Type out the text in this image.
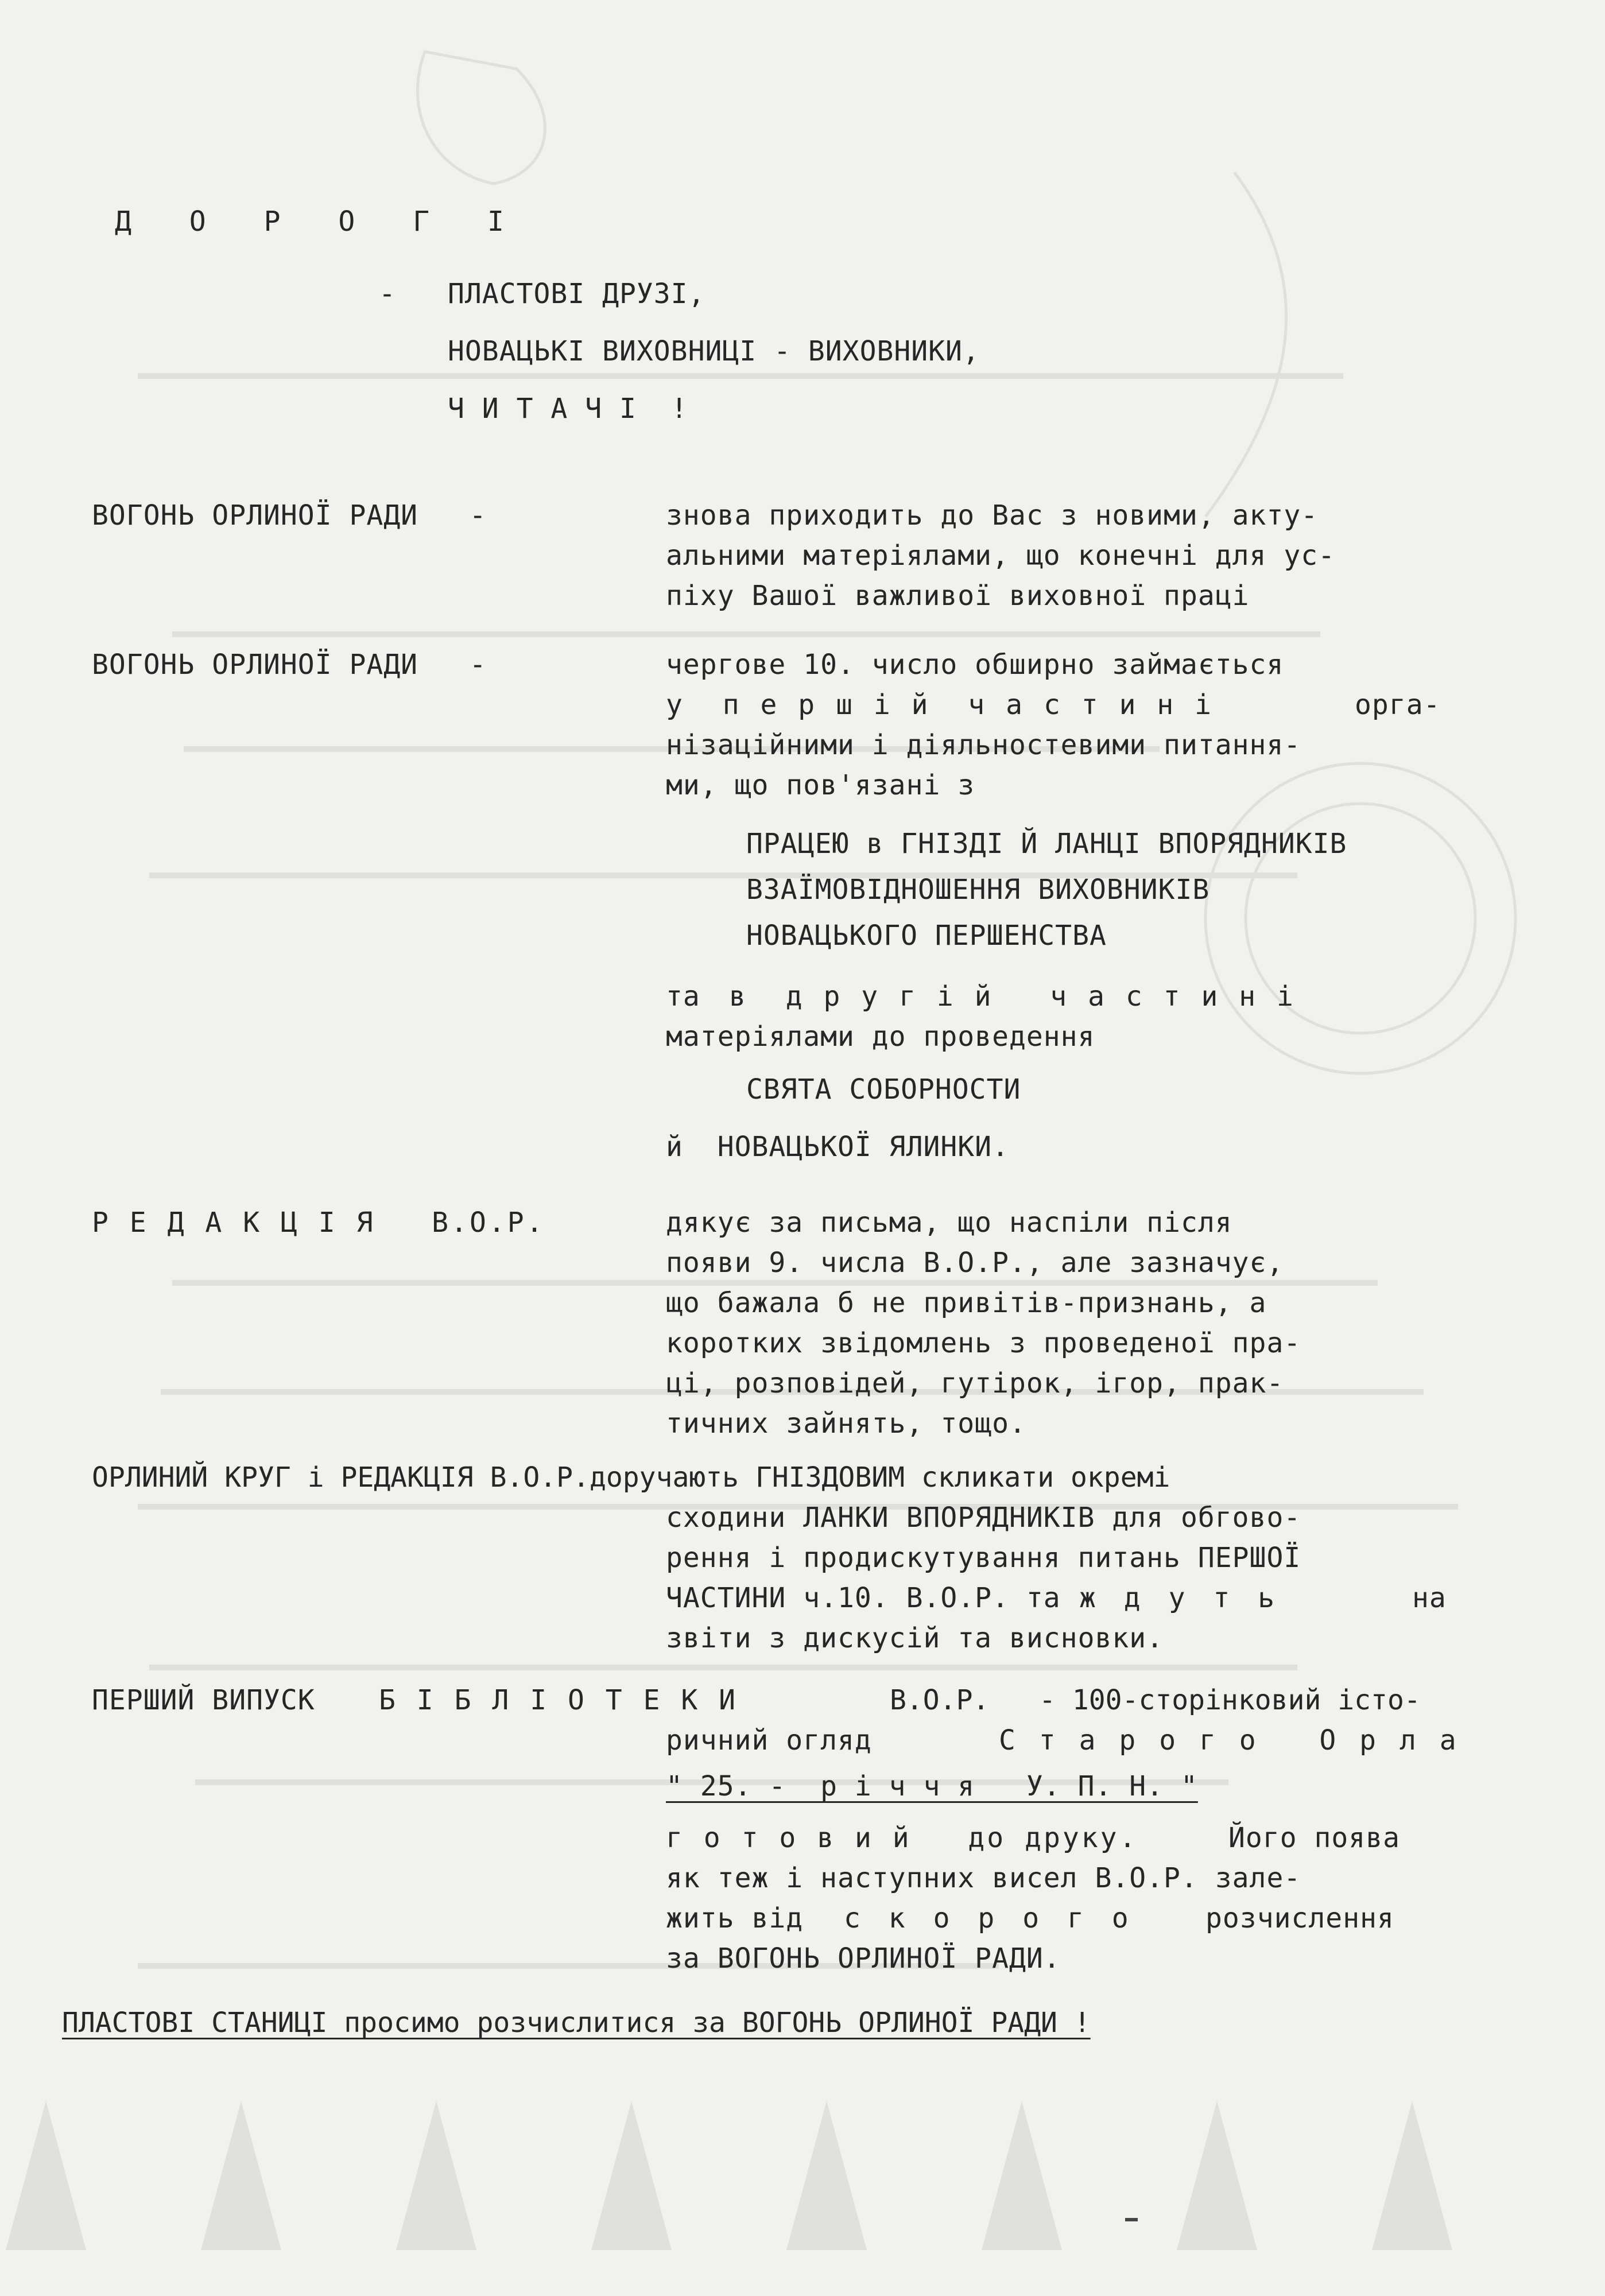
Д О Р О Г І
- ПЛАСТОВІ ДРУЗІ,
НОВАЦЬКІ ВИХОВНИЦІ - ВИХОВНИКИ,
Ч И Т А Ч І  !
ВОГОНЬ ОРЛИНОЇ РАДИ   -	знова приходить до Вас з новими, акту-
альними матеріялами, що конечні для ус-
піху Вашої важливої виховної праці
ВОГОНЬ ОРЛИНОЇ РАДИ   -	чергове 10. число обширно займається
у  п е р ш і й  ч а с т и н і	орга-
нізаційними і діяльностевими питання-
ми, що пов'язані з
ПРАЦЕЮ в ГНІЗДІ Й ЛАНЦІ ВПОРЯДНИКІВ
ВЗАЇМОВІДНОШЕННЯ ВИХОВНИКІВ
НОВАЦЬКОГО ПЕРШЕНСТВА
та в  д р у г і й   ч а с т и н і
матеріялами до проведення
СВЯТА СОБОРНОСТИ
й  НОВАЦЬКОЇ ЯЛИНКИ.
Р Е Д А К Ц І Я   В.О.Р.	дякує за письма, що наспіли після
появи 9. числа В.О.Р., але зазначує,
що бажала б не привітів-признань, а
коротких звідомлень з проведеної пра-
ці, розповідей, гутірок, ігор, прак-
тичних зайнять, тощо.
ОРЛИНИЙ КРУГ і РЕДАКЦІЯ В.О.Р.доручають ГНІЗДОВИМ скликати окремі
сходини ЛАНКИ ВПОРЯДНИКІВ для обгово-
рення і продискутування питань ПЕРШОЇ
ЧАСТИНИ ч.10. В.О.Р. та ж д у т ь	на
звіти з дискусій та висновки.
ПЕРШИЙ ВИПУСК Б І Б Л І О Т Е К И	В.О.Р.   - 100-сторінковий істо-
ричний огляд	С т а р о г о   О р л а
" 25. -  р і ч ч я   У. П. Н. "
г о т о в и й   до друку.	Його поява
як теж і наступних висел В.О.Р. зале-
жить від с к о р о г о	розчислення
за ВОГОНЬ ОРЛИНОЇ РАДИ.
ПЛАСТОВІ СТАНИЦІ просимо розчислитися за ВОГОНЬ ОРЛИНОЇ РАДИ !
